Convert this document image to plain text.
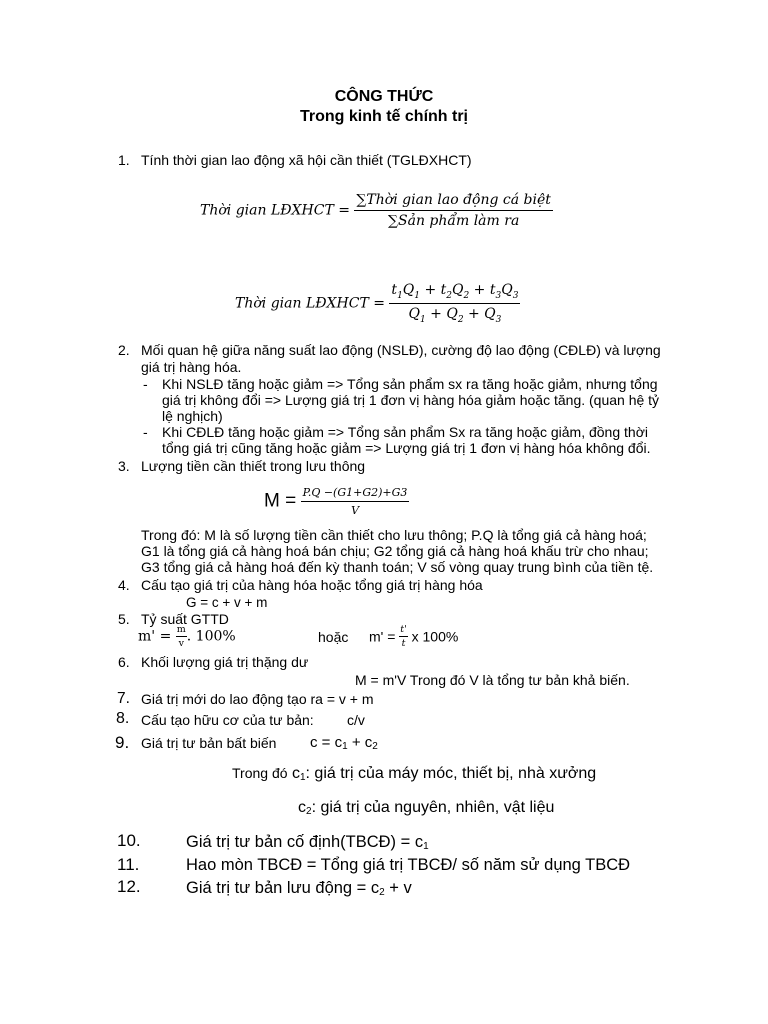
CÔNG THỨC
Trong kinh tế chính trị
1. Tính thời gian lao động xã hội cần thiết (TGLĐXHCT)
Thời gian LĐXHCT = $\frac{\text{∑Thời gian lao động cá biệt}}{\text{∑Sản phẩm làm ra}}$
Thời gian LĐXHCT = $\frac{t_1Q_1 + t_2Q_2 + t_3Q_3}{Q_1 + Q_2 + Q_3}$
2. Mối quan hệ giữa năng suất lao động (NSLĐ), cường độ lao động (CĐLĐ) và lượng
giá trị hàng hóa.
- Khi NSLĐ tăng hoặc giảm => Tổng sản phẩm sx ra tăng hoặc giảm, nhưng tổng
giá trị không đổi => Lượng giá trị 1 đơn vị hàng hóa giảm hoặc tăng. (quan hệ tỷ
lệ nghịch)
- Khi CĐLĐ tăng hoặc giảm => Tổng sản phẩm Sx ra tăng hoặc giảm, đồng thời
tổng giá trị cũng tăng hoặc giảm => Lượng giá trị 1 đơn vị hàng hóa không đổi.
3. Lượng tiền cần thiết trong lưu thông
$M = \frac{P.Q -(G1+G2)+G3}{V}$
Trong đó: M là số lượng tiền cần thiết cho lưu thông; P.Q là tổng giá cả hàng hoá;
G1 là tổng giá cả hàng hoá bán chịu; G2 tổng giá cả hàng hoá khấu trừ cho nhau;
G3 tổng giá cả hàng hoá đến kỳ thanh toán; V số vòng quay trung bình của tiền tệ.
4. Cấu tạo giá trị của hàng hóa hoặc tổng giá trị hàng hóa
G = c + v + m
5. Tỷ suất GTTD
$m' = \frac{m}{v}$ . 100%	hoặc $m' = \frac{t'}{t}$ x 100%
6. Khối lượng giá trị thặng dư
M = m'V Trong đó V là tổng tư bản khả biến.
7. Giá trị mới do lao động tạo ra = v + m
8. Cấu tạo hữu cơ của tư bản: c/v
9. Giá trị tư bản bất biến c = c1 + c2
Trong đó c1: giá trị của máy móc, thiết bị, nhà xưởng
c2: giá trị của nguyên, nhiên, vật liệu
10.	Giá trị tư bản cố định(TBCĐ) = c1
11.	Hao mòn TBCĐ = Tổng giá trị TBCĐ/ số năm sử dụng TBCĐ
12.	Giá trị tư bản lưu động = c2 + v
